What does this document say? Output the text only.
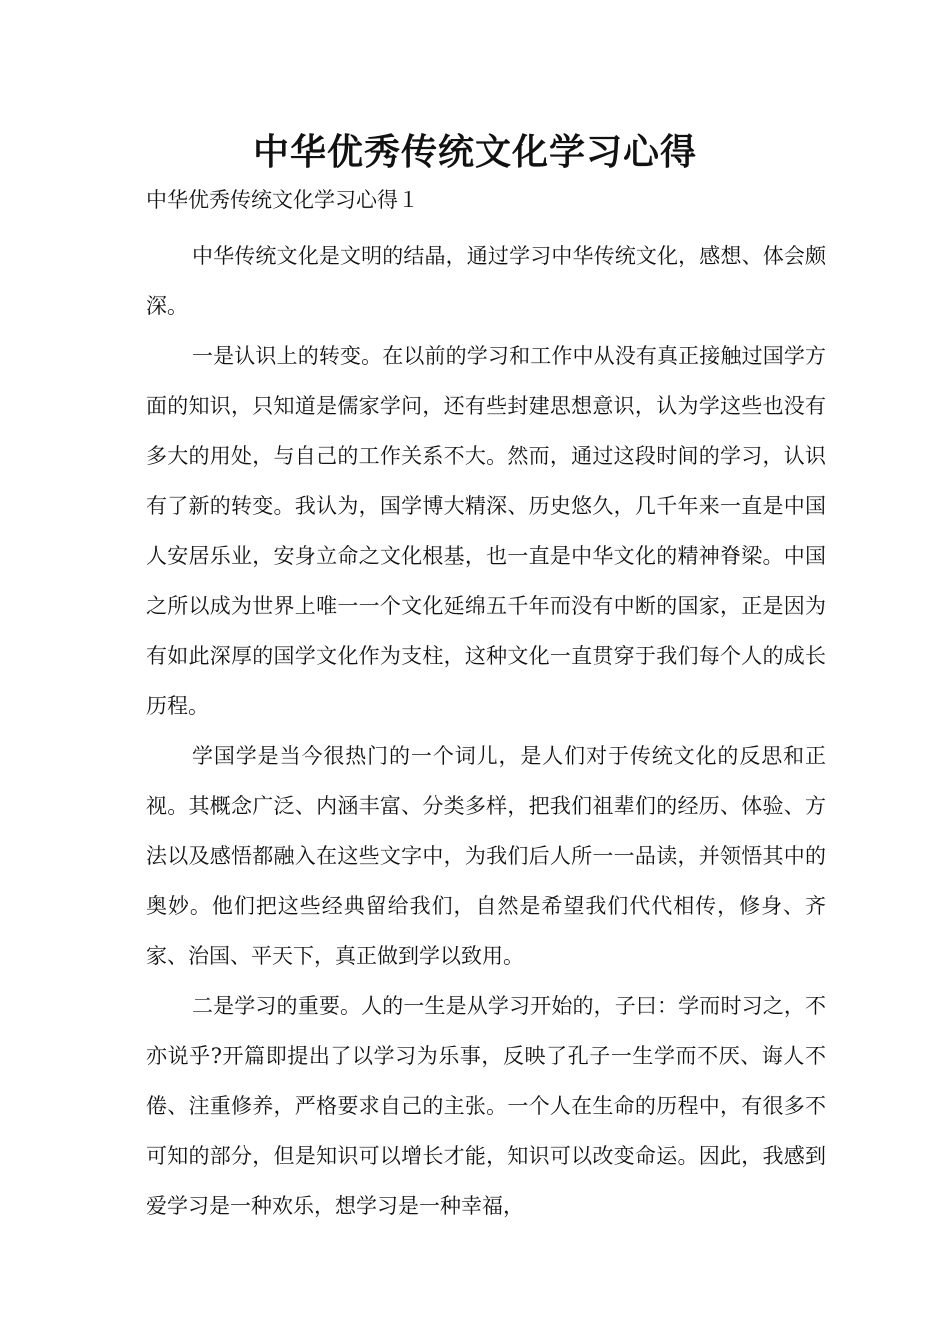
中华优秀传统文化学习心得
中华优秀传统文化学习心得１

中华传统文化是文明的结晶，通过学习中华传统文化，感想、体会颇深。

一是认识上的转变。在以前的学习和工作中从没有真正接触过国学方面的知识，只知道是儒家学问，还有些封建思想意识，认为学这些也没有多大的用处，与自己的工作关系不大。然而，通过这段时间的学习，认识有了新的转变。我认为，国学博大精深、历史悠久，几千年来一直是中国人安居乐业，安身立命之文化根基，也一直是中华文化的精神脊梁。中国之所以成为世界上唯一一个文化延绵五千年而没有中断的国家，正是因为有如此深厚的国学文化作为支柱，这种文化一直贯穿于我们每个人的成长历程。

学国学是当今很热门的一个词儿，是人们对于传统文化的反思和正视。其概念广泛、内涵丰富、分类多样，把我们祖辈们的经历、体验、方法以及感悟都融入在这些文字中，为我们后人所一一品读，并领悟其中的奥妙。他们把这些经典留给我们，自然是希望我们代代相传，修身、齐家、治国、平天下，真正做到学以致用。

二是学习的重要。人的一生是从学习开始的，子曰：学而时习之，不亦说乎?开篇即提出了以学习为乐事，反映了孔子一生学而不厌、诲人不倦、注重修养，严格要求自己的主张。一个人在生命的历程中，有很多不可知的部分，但是知识可以增长才能，知识可以改变命运。因此，我感到爱学习是一种欢乐，想学习是一种幸福，
